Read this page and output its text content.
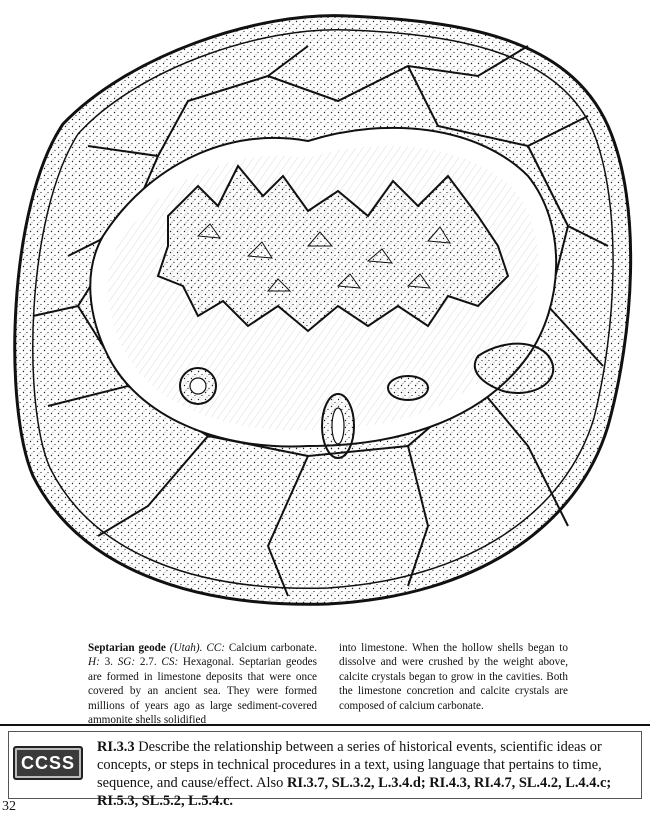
Septarian geode (Utah). CC: Calcium carbonate. H: 3. SG: 2.7. CS: Hexagonal. Septarian geodes are formed in limestone deposits that were once covered by an ancient sea. They were formed millions of years ago as large sediment-covered ammonite shells solidified
into limestone. When the hollow shells began to dissolve and were crushed by the weight above, calcite crystals began to grow in the cavities. Both the limestone concretion and calcite crystals are composed of calcium carbonate.
CCSS
RI.3.3 Describe the relationship between a series of historical events, scientific ideas or concepts, or steps in technical procedures in a text, using language that pertains to time, sequence, and cause/effect. Also RI.3.7, SL.3.2, L.3.4.d; RI.4.3, RI.4.7, SL.4.2, L.4.4.c; RI.5.3, SL.5.2, L.5.4.c.
32
